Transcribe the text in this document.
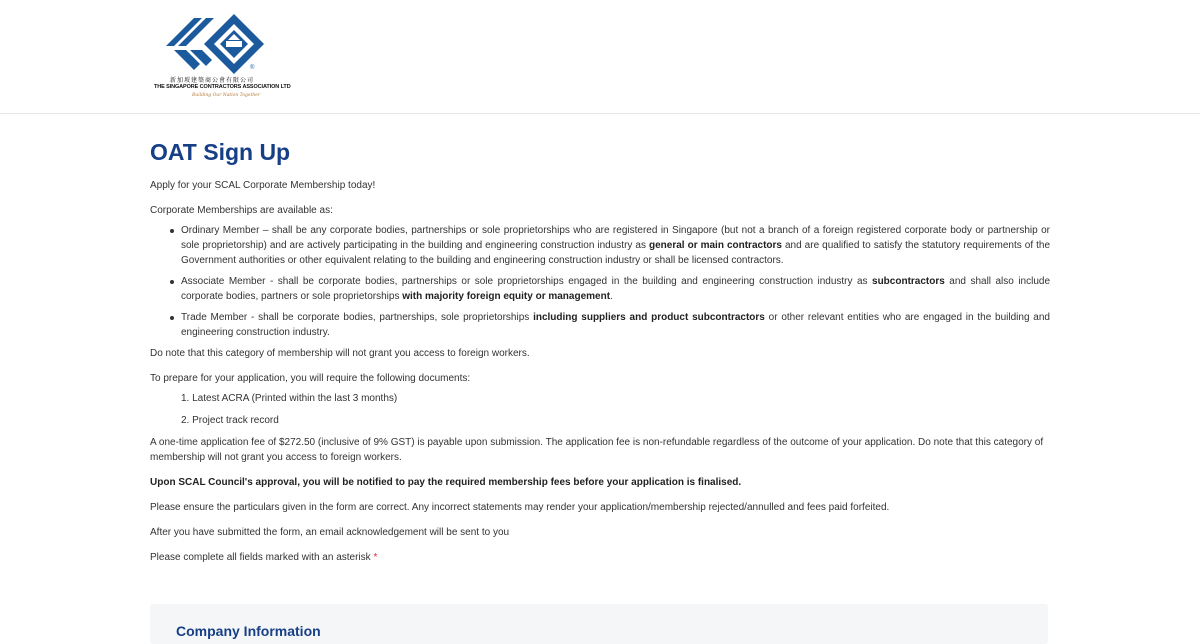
®
新加坡建築商公會有限公司
THE SINGAPORE CONTRACTORS ASSOCIATION LTD
Building Our Nation Together
OAT Sign Up

Apply for your SCAL Corporate Membership today!

Corporate Memberships are available as:

Ordinary Member – shall be any corporate bodies, partnerships or sole proprietorships who are registered in Singapore (but not a branch of a foreign registered corporate body or partnership or sole proprietorship) and are actively participating in the building and engineering construction industry as general or main contractors and are qualified to satisfy the statutory requirements of the Government authorities or other equivalent relating to the building and engineering construction industry or shall be licensed contractors.
Associate Member - shall be corporate bodies, partnerships or sole proprietorships engaged in the building and engineering construction industry as subcontractors and shall also include corporate bodies, partners or sole proprietorships with majority foreign equity or management.
Trade Member - shall be corporate bodies, partnerships, sole proprietorships including suppliers and product subcontractors or other relevant entities who are engaged in the building and engineering construction industry.

Do note that this category of membership will not grant you access to foreign workers.

To prepare for your application, you will require the following documents:

1. Latest ACRA (Printed within the last 3 months)
2. Project track record

A one-time application fee of $272.50 (inclusive of 9% GST) is payable upon submission. The application fee is non-refundable regardless of the outcome of your application. Do note that this category of membership will not grant you access to foreign workers.

Upon SCAL Council's approval, you will be notified to pay the required membership fees before your application is finalised.

Please ensure the particulars given in the form are correct. Any incorrect statements may render your application/membership rejected/annulled and fees paid forfeited.

After you have submitted the form, an email acknowledgement will be sent to you

Please complete all fields marked with an asterisk *

Company Information
